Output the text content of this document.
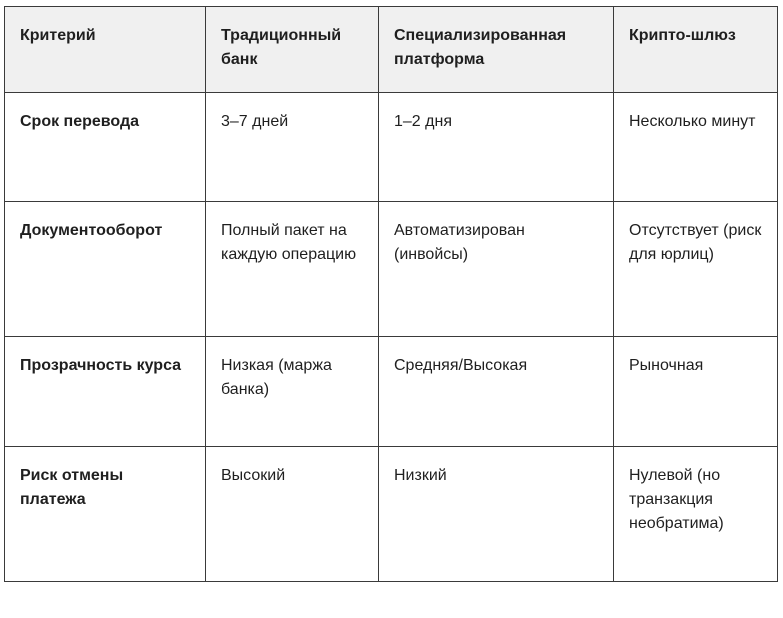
Критерий	Традиционный банк	Специализированная платформа	Крипто-шлюз
Срок перевода	3–7 дней	1–2 дня	Несколько минут
Документооборот	Полный пакет на каждую операцию	Автоматизирован (инвойсы)	Отсутствует (риск для юрлиц)
Прозрачность курса	Низкая (маржа банка)	Средняя/Высокая	Рыночная
Риск отмены платежа	Высокий	Низкий	Нулевой (но транзакция необратима)
